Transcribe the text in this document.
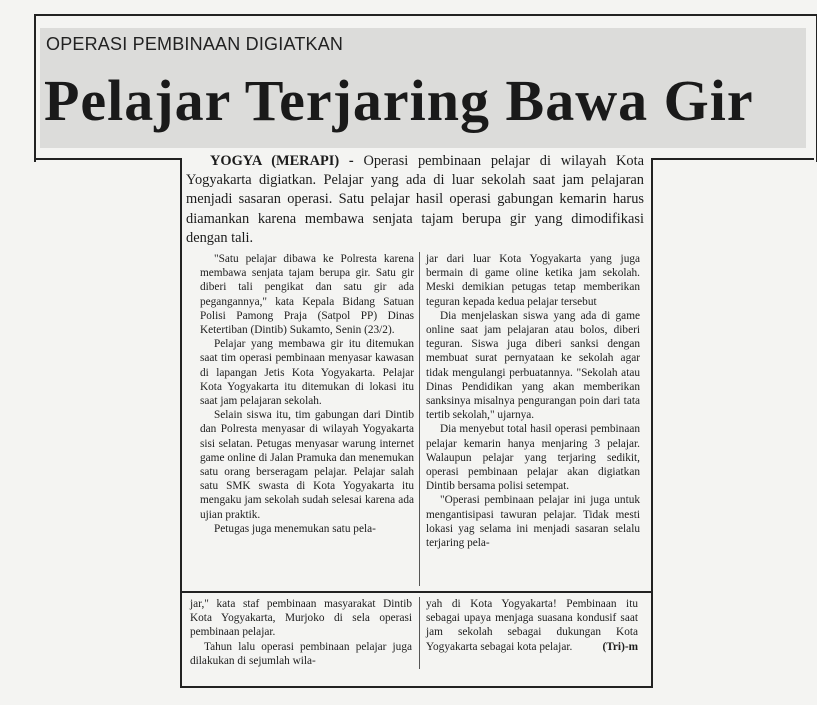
OPERASI PEMBINAAN DIGIATKAN
Pelajar Terjaring Bawa Gir
YOGYA (MERAPI) - Operasi pembinaan pelajar di wilayah Kota Yogyakarta digiatkan. Pelajar yang ada di luar sekolah saat jam pelajaran menjadi sasaran operasi. Satu pelajar hasil operasi gabungan kemarin harus diamankan karena membawa senjata tajam berupa gir yang dimodifikasi dengan tali.

"Satu pelajar dibawa ke Polresta karena membawa senjata tajam berupa gir. Satu gir diberi tali pengikat dan satu gir ada pegangannya," kata Kepala Bidang Satuan Polisi Pamong Praja (Satpol PP) Dinas Ketertiban (Dintib) Sukamto, Senin (23/2).

Pelajar yang membawa gir itu ditemukan saat tim operasi pembinaan menyasar kawasan di lapangan Jetis Kota Yogyakarta. Pelajar Kota Yogyakarta itu ditemukan di lokasi itu saat jam pelajaran sekolah.

Selain siswa itu, tim gabungan dari Dintib dan Polresta menyasar di wilayah Yogyakarta sisi selatan. Petugas menyasar warung internet game online di Jalan Pramuka dan menemukan satu orang berseragam pelajar. Pelajar salah satu SMK swasta di Kota Yogyakarta itu mengaku jam sekolah sudah selesai karena ada ujian praktik.

Petugas juga menemukan satu pela-

jar dari luar Kota Yogyakarta yang juga bermain di game oline ketika jam sekolah. Meski demikian petugas tetap memberikan teguran kepada kedua pelajar tersebut

Dia menjelaskan siswa yang ada di game online saat jam pelajaran atau bolos, diberi teguran. Siswa juga diberi sanksi dengan membuat surat pernyataan ke sekolah agar tidak mengulangi perbuatannya. "Sekolah atau Dinas Pendidikan yang akan memberikan sanksinya misalnya pengurangan poin dari tata tertib sekolah," ujarnya.

Dia menyebut total hasil operasi pembinaan pelajar kemarin hanya menjaring 3 pelajar. Walaupun pelajar yang terjaring sedikit, operasi pembinaan pelajar akan digiatkan Dintib bersama polisi setempat.

"Operasi pembinaan pelajar ini juga untuk mengantisipasi tawuran pelajar. Tidak mesti lokasi yag selama ini menjadi sasaran selalu terjaring pela-

jar," kata staf pembinaan masyarakat Dintib Kota Yogyakarta, Murjoko di sela operasi pembinaan pelajar.

Tahun lalu operasi pembinaan pelajar juga dilakukan di sejumlah wila-

yah di Kota Yogyakarta! Pembinaan itu sebagai upaya menjaga suasana kondusif saat jam sekolah sebagai dukungan Kota Yogyakarta sebagai kota pelajar.	(Tri)-m
